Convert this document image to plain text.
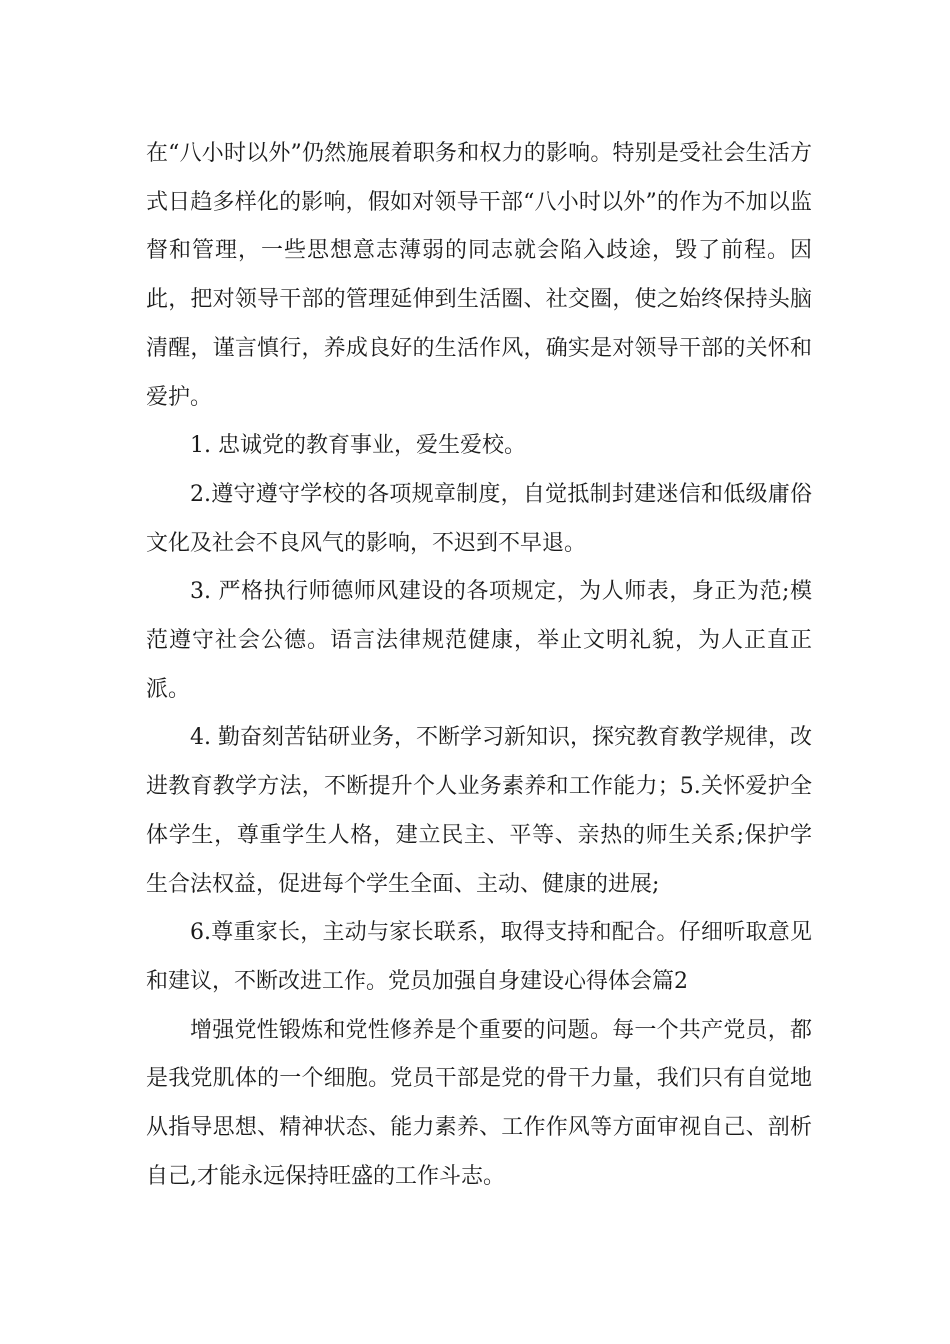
在“八小时以外”仍然施展着职务和权力的影响。特别是受社会生活方式日趋多样化的影响，假如对领导干部“八小时以外”的作为不加以监督和管理，一些思想意志薄弱的同志就会陷入歧途，毁了前程。因此，把对领导干部的管理延伸到生活圈、社交圈，使之始终保持头脑清醒，谨言慎行，养成良好的生活作风，确实是对领导干部的关怀和爱护。

1. 忠诚党的教育事业，爱生爱校。

2.遵守遵守学校的各项规章制度，自觉抵制封建迷信和低级庸俗文化及社会不良风气的影响，不迟到不早退。

3. 严格执行师德师风建设的各项规定，为人师表，身正为范;模范遵守社会公德。语言法律规范健康，举止文明礼貌，为人正直正派。

4. 勤奋刻苦钻研业务，不断学习新知识，探究教育教学规律，改进教育教学方法，不断提升个人业务素养和工作能力；5.关怀爱护全体学生，尊重学生人格，建立民主、平等、亲热的师生关系;保护学生合法权益，促进每个学生全面、主动、健康的进展;

6.尊重家长，主动与家长联系，取得支持和配合。仔细听取意见和建议，不断改进工作。党员加强自身建设心得体会篇2

增强党性锻炼和党性修养是个重要的问题。每一个共产党员，都是我党肌体的一个细胞。党员干部是党的骨干力量，我们只有自觉地从指导思想、精神状态、能力素养、工作作风等方面审视自己、剖析自己,才能永远保持旺盛的工作斗志。
